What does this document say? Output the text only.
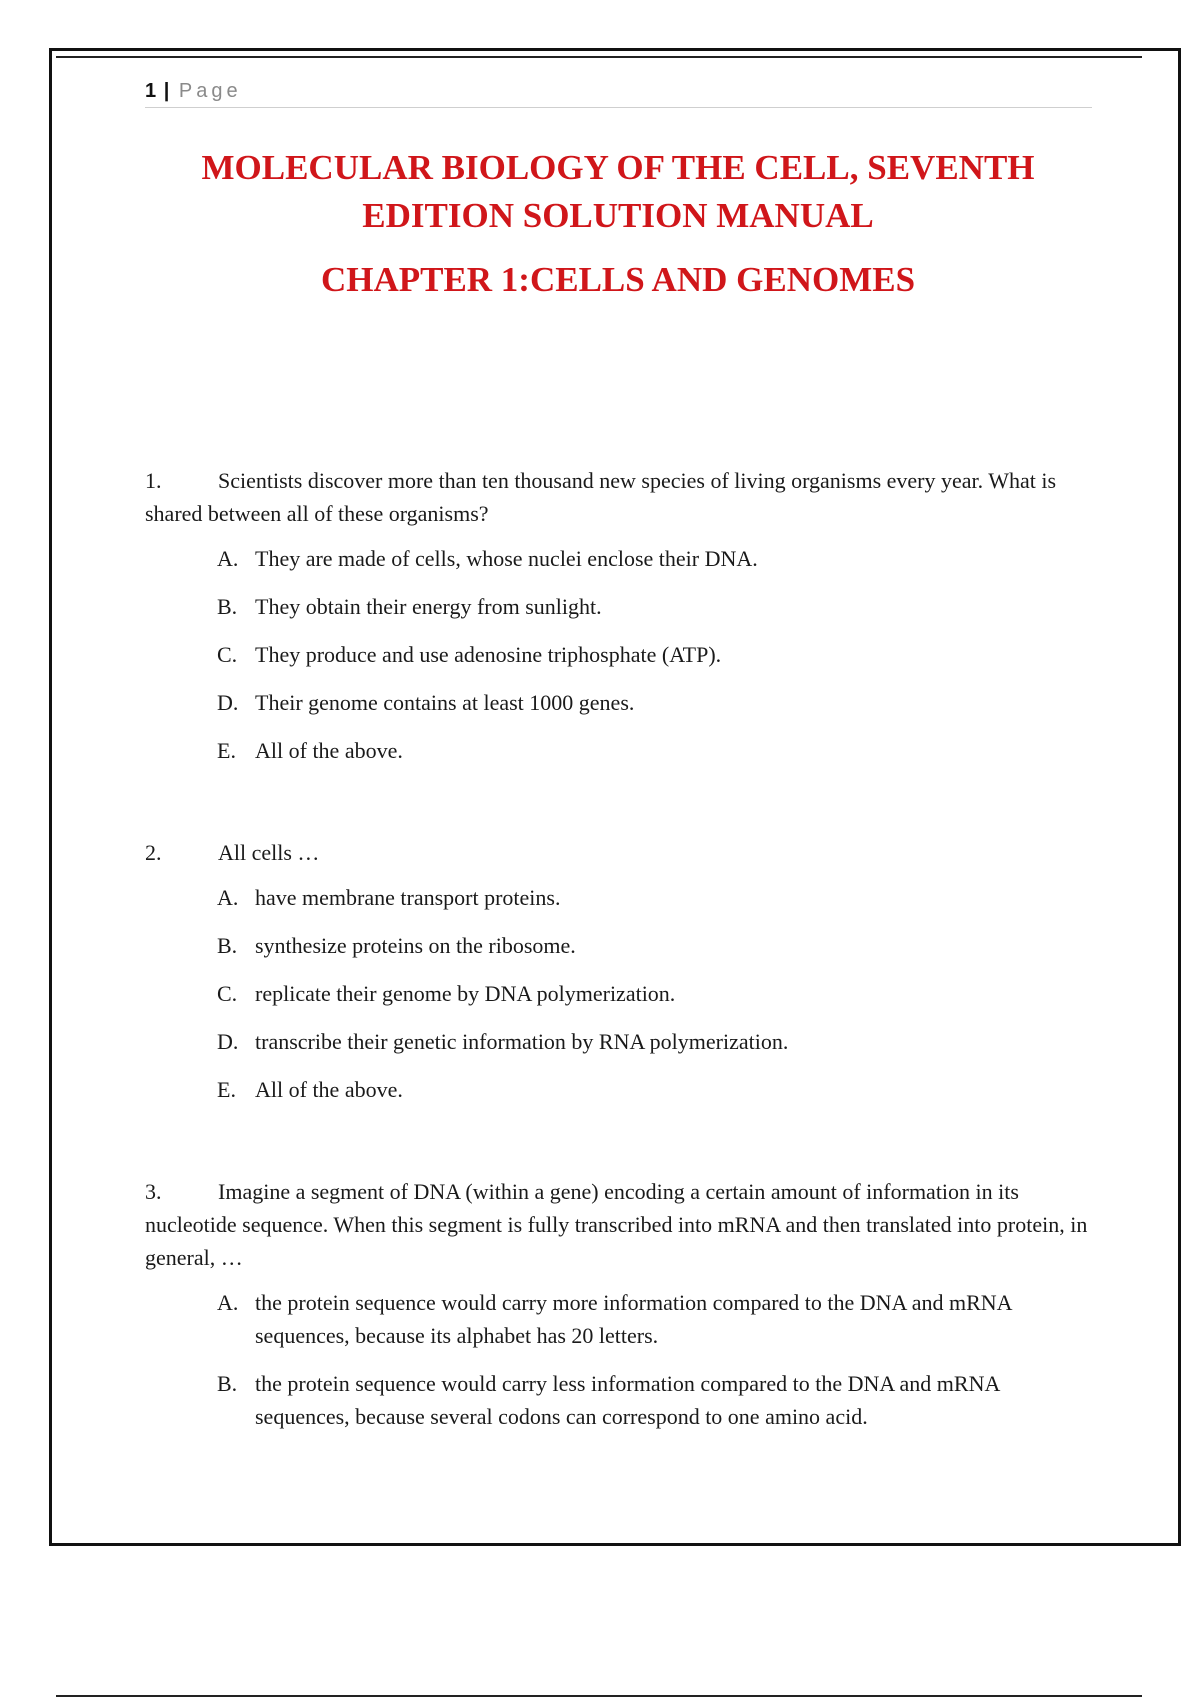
1 | Page
MOLECULAR BIOLOGY OF THE CELL, SEVENTH
EDITION SOLUTION MANUAL
CHAPTER 1:CELLS AND GENOMES

1.	Scientists discover more than ten thousand new species of living organisms every year. What is shared between all of these organisms?

A. They are made of cells, whose nuclei enclose their DNA.
B. They obtain their energy from sunlight.
C. They produce and use adenosine triphosphate (ATP).
D. Their genome contains at least 1000 genes.
E. All of the above.

2.	All cells …

A. have membrane transport proteins.
B. synthesize proteins on the ribosome.
C. replicate their genome by DNA polymerization.
D. transcribe their genetic information by RNA polymerization.
E. All of the above.

3.	Imagine a segment of DNA (within a gene) encoding a certain amount of information in its nucleotide sequence. When this segment is fully transcribed into mRNA and then translated into protein, in general, …

A. the protein sequence would carry more information compared to the DNA and mRNA sequences, because its alphabet has 20 letters.
B. the protein sequence would carry less information compared to the DNA and mRNA sequences, because several codons can correspond to one amino acid.
